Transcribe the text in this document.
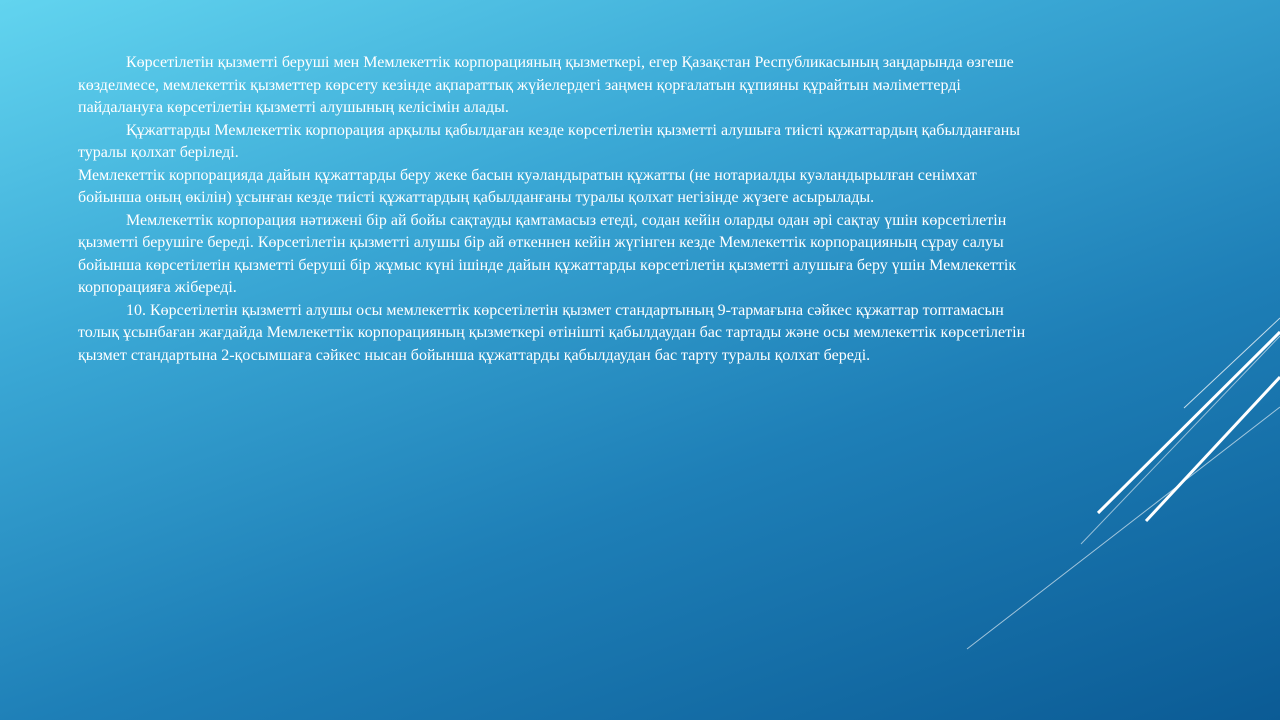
Көрсетілетін қызметті беруші мен Мемлекеттік корпорацияның қызметкері, егер Қазақстан Республикасының заңдарында өзгеше көзделмесе, мемлекеттік қызметтер көрсету кезінде ақпараттық жүйелердегі заңмен қорғалатын құпияны құрайтын мәліметтерді пайдалануға көрсетілетін қызметті алушының келісімін алады.

Құжаттарды Мемлекеттік корпорация арқылы қабылдаған кезде көрсетілетін қызметті алушыға тиісті құжаттардың қабылданғаны туралы қолхат беріледі.

Мемлекеттік корпорацияда дайын құжаттарды беру жеке басын куәландыратын құжатты (не нотариалды куәландырылған сенімхат бойынша оның өкілін) ұсынған кезде тиісті құжаттардың қабылданғаны туралы қолхат негізінде жүзеге асырылады.

Мемлекеттік корпорация нәтижені бір ай бойы сақтауды қамтамасыз етеді, содан кейін оларды одан әрі сақтау үшін көрсетілетін қызметті берушіге береді. Көрсетілетін қызметті алушы бір ай өткеннен кейін жүгінген кезде Мемлекеттік корпорацияның сұрау салуы бойынша көрсетілетін қызметті беруші бір жұмыс күні ішінде дайын құжаттарды көрсетілетін қызметті алушыға беру үшін Мемлекеттік корпорацияға жібереді.

10. Көрсетілетін қызметті алушы осы мемлекеттік көрсетілетін қызмет стандартының 9-тармағына сәйкес құжаттар топтамасын толық ұсынбаған жағдайда Мемлекеттік корпорацияның қызметкері өтінішті қабылдаудан бас тартады және осы мемлекеттік көрсетілетін қызмет стандартына 2-қосымшаға сәйкес нысан бойынша құжаттарды қабылдаудан бас тарту туралы қолхат береді.
